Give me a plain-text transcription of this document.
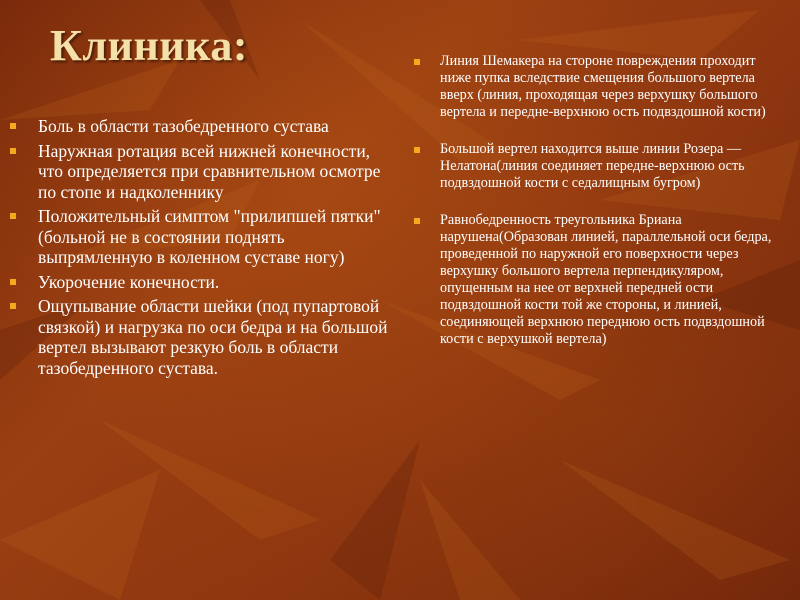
Клиника:
Боль в области тазобедренного сустава
Наружная ротация всей нижней конечности, что определяется при сравнительном осмотре по стопе и надколеннику
Положительный симптом "прилипшей пятки" (больной не в состоянии поднять выпрямленную в коленном суставе ногу)
Укорочение конечности.
Ощупывание области шейки (под пупартовой связкой) и нагрузка по оси бедра и на большой вертел вызывают резкую боль в области тазобедренного сустава.
Линия Шемакера на стороне повреждения проходит ниже пупка вследствие смещения большого вертела вверх (линия, проходящая через верхушку большого вертела и передне-верхнюю ость подвздошной кости)
Большой вертел находится выше линии Розера — Нелатона(линия соединяет передне-верхнюю ость подвздошной кости с седалищным бугром)
Равнобедренность треугольника Бриана нарушена(Образован линией, параллельной оси бедра, проведенной по наружной его поверхности через верхушку большого вертела перпендикуляром, опущенным на нее от верхней передней ости подвздошной кости той же стороны, и линией, соединяющей верхнюю переднюю ость подвздошной кости с верхушкой вертела)
